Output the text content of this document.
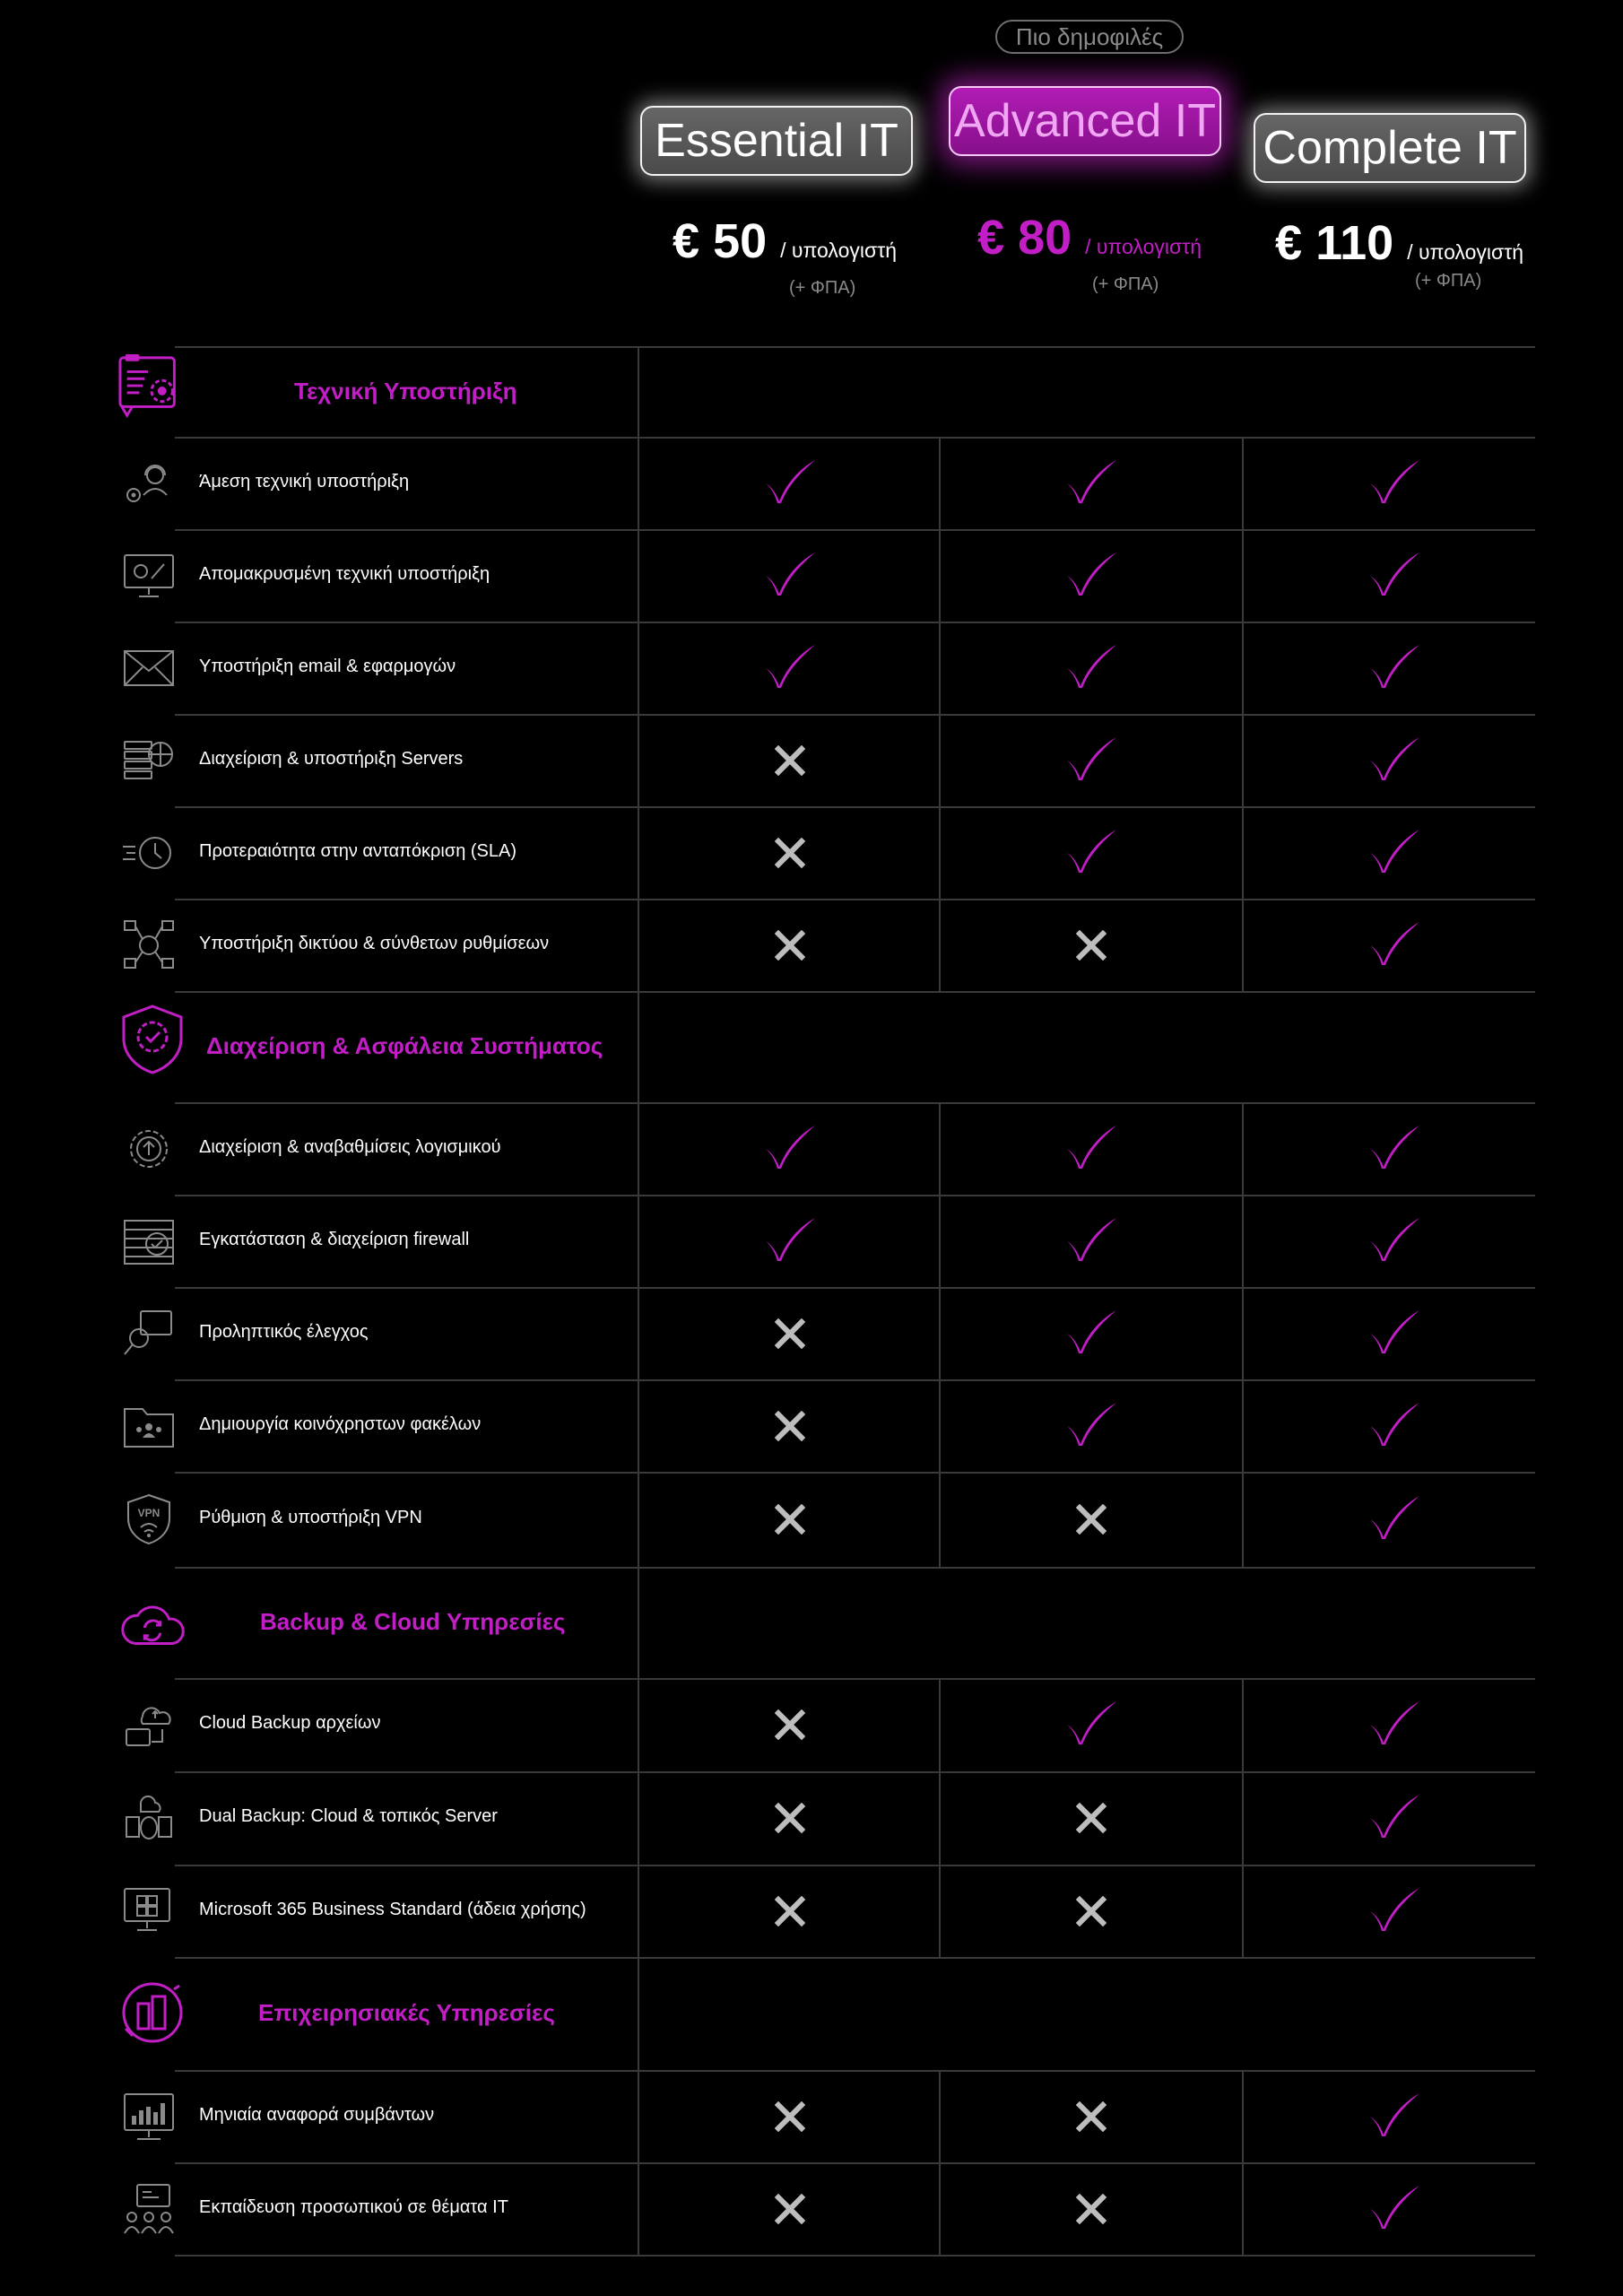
Πιο δημοφιλές
Essential IT	Advanced IT
Complete IT
€ 50 / υπολογιστή
(+ ΦΠΑ)
€ 80 / υπολογιστή
(+ ΦΠΑ)
€ 110 / υπολογιστή
(+ ΦΠΑ)
Τεχνική Υποστήριξη
Άμεση τεχνική υποστήριξη
Απομακρυσμένη τεχνική υποστήριξη
Υποστήριξη email & εφαρμογών
Διαχείριση & υποστήριξη Servers
Προτεραιότητα στην ανταπόκριση (SLA)
Υποστήριξη δικτύου & σύνθετων ρυθμίσεων
Διαχείριση & Ασφάλεια Συστήματος
Διαχείριση & αναβαθμίσεις λογισμικού
Εγκατάσταση & διαχείριση firewall
Προληπτικός έλεγχος
Δημιουργία κοινόχρηστων φακέλων
VPN Ρύθμιση & υποστήριξη VPN
Backup & Cloud Υπηρεσίες
Cloud Backup αρχείων
Dual Backup: Cloud & τοπικός Server
Microsoft 365 Business Standard (άδεια χρήσης)
Επιχειρησιακές Υπηρεσίες
Μηνιαία αναφορά συμβάντων
Εκπαίδευση προσωπικού σε θέματα IT
